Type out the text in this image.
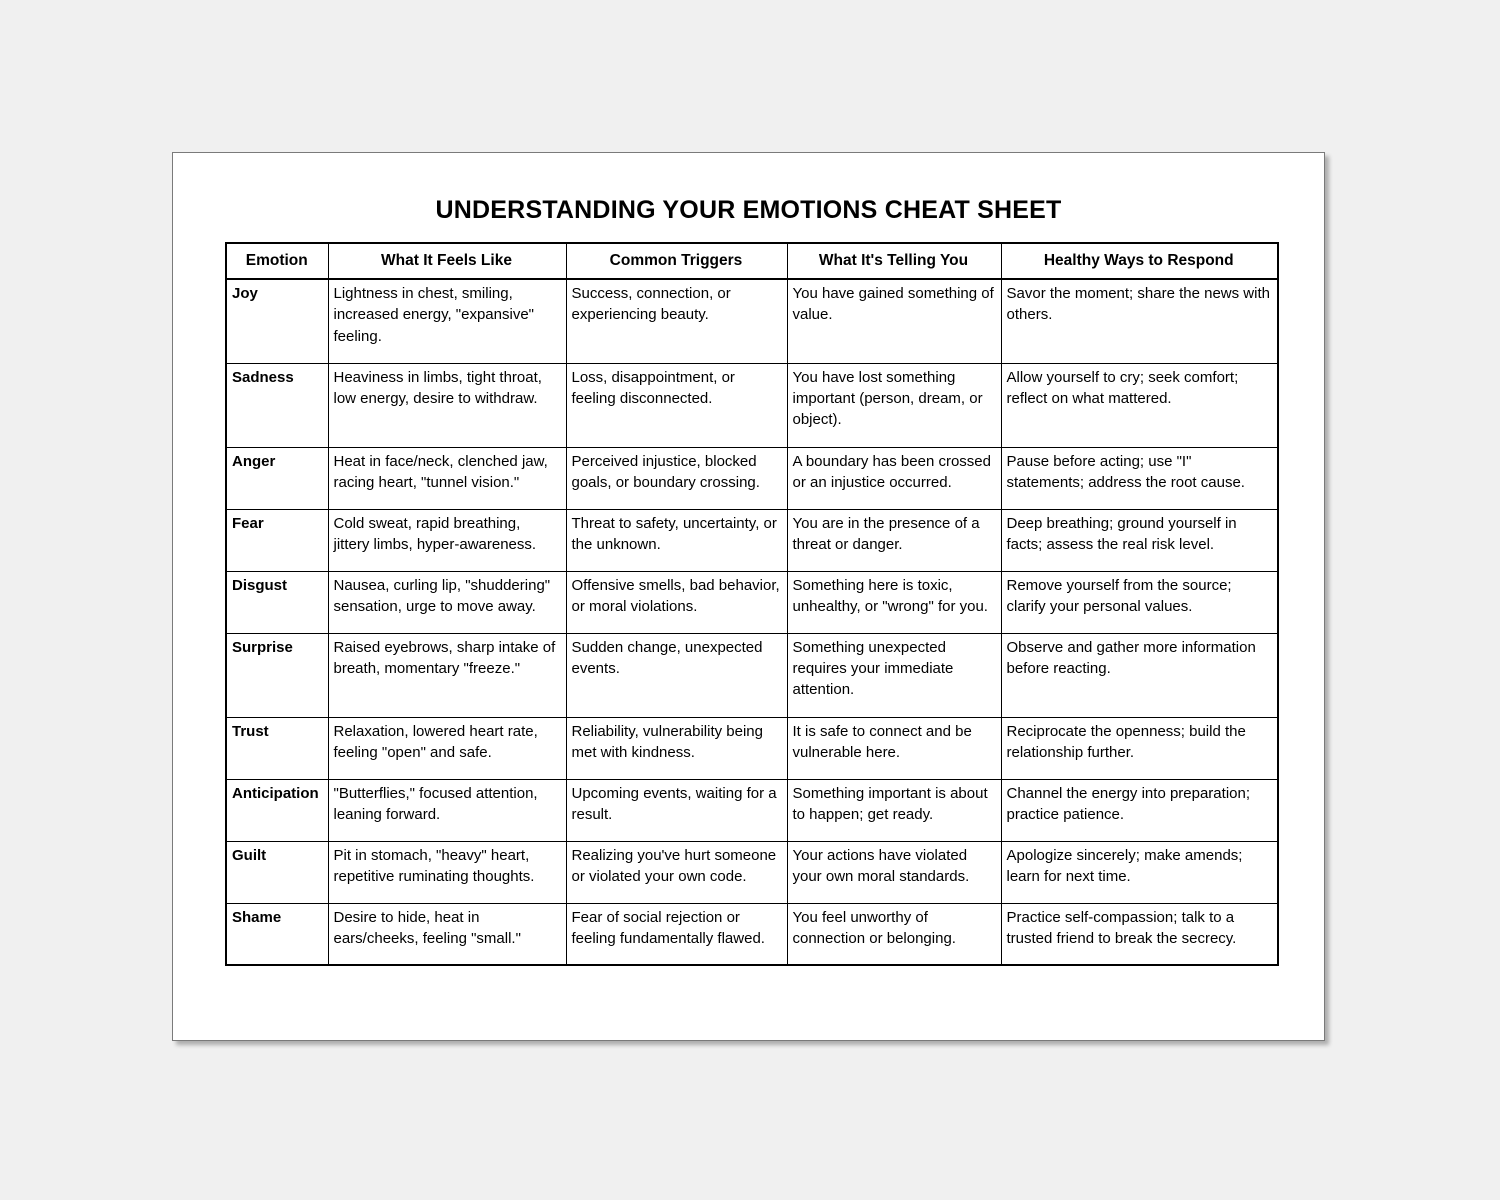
UNDERSTANDING YOUR EMOTIONS CHEAT SHEET
Emotion	What It Feels Like	Common Triggers	What It's Telling You	Healthy Ways to Respond
Joy	Lightness in chest, smiling, increased energy, "expansive" feeling.	Success, connection, or experiencing beauty.	You have gained something of value.	Savor the moment; share the news with others.
Sadness	Heaviness in limbs, tight throat, low energy, desire to withdraw.	Loss, disappointment, or feeling disconnected.	You have lost something important (person, dream, or object).	Allow yourself to cry; seek comfort; reflect on what mattered.
Anger	Heat in face/neck, clenched jaw, racing heart, "tunnel vision."	Perceived injustice, blocked goals, or boundary crossing.	A boundary has been crossed or an injustice occurred.	Pause before acting; use "I" statements; address the root cause.
Fear	Cold sweat, rapid breathing, jittery limbs, hyper-awareness.	Threat to safety, uncertainty, or the unknown.	You are in the presence of a threat or danger.	Deep breathing; ground yourself in facts; assess the real risk level.
Disgust	Nausea, curling lip, "shuddering" sensation, urge to move away.	Offensive smells, bad behavior, or moral violations.	Something here is toxic, unhealthy, or "wrong" for you.	Remove yourself from the source; clarify your personal values.
Surprise	Raised eyebrows, sharp intake of breath, momentary "freeze."	Sudden change, unexpected events.	Something unexpected requires your immediate attention.	Observe and gather more information before reacting.
Trust	Relaxation, lowered heart rate, feeling "open" and safe.	Reliability, vulnerability being met with kindness.	It is safe to connect and be vulnerable here.	Reciprocate the openness; build the relationship further.
Anticipation	"Butterflies," focused attention, leaning forward.	Upcoming events, waiting for a result.	Something important is about to happen; get ready.	Channel the energy into preparation; practice patience.
Guilt	Pit in stomach, "heavy" heart, repetitive ruminating thoughts.	Realizing you've hurt someone or violated your own code.	Your actions have violated your own moral standards.	Apologize sincerely; make amends; learn for next time.
Shame	Desire to hide, heat in ears/cheeks, feeling "small."	Fear of social rejection or feeling fundamentally flawed.	You feel unworthy of connection or belonging.	Practice self-compassion; talk to a trusted friend to break the secrecy.
